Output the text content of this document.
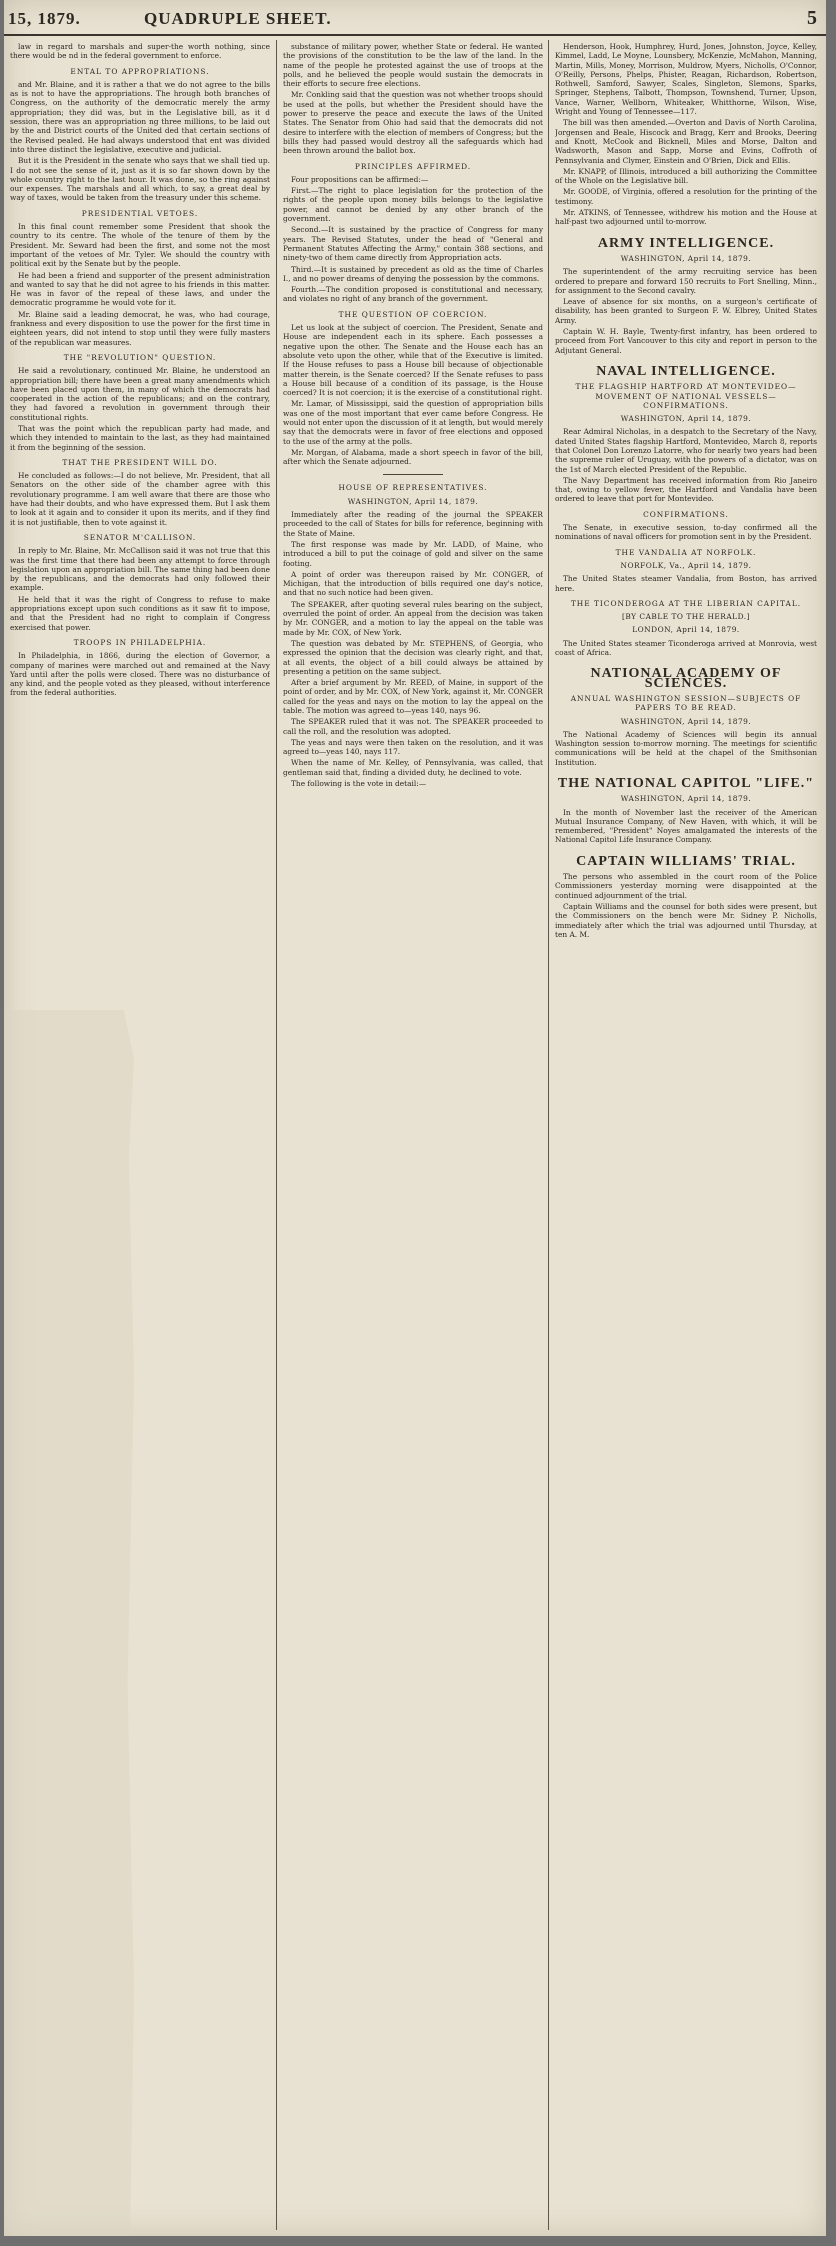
15, 1879.	QUADRUPLE SHEET.	5

law in regard to marshals and super-the worth nothing, since there would be nd in the federal government to enforce.

ENTAL TO APPROPRIATIONS.

and Mr. Blaine, and it is rather a that we do not agree to the bills as is not to have the appropriations. The hrough both branches of Congress, on the authority of the democratic merely the army appropriation; they did was, but in the Legislative bill, as it d session, there was an appropriation ng three millions, to be laid out by the and District courts of the United ded that certain sections of the Revised pealed. He had always understood that ent was divided into three distinct the legislative, executive and judicial.

But it is the President in the senate who says that we shall tied up. I do not see the sense of it, just as it is so far shown down by the whole country right to the last hour. It was done, so the ring against our expenses. The marshals and all which, to say, a great deal by way of taxes, would be taken from the treasury under this scheme.

PRESIDENTIAL VETOES.

In this final count remember some President that shook the country to its centre. The whole of the tenure of them by the President. Mr. Seward had been the first, and some not the most important of the vetoes of Mr. Tyler. We should the country with political exit by the Senate but by the people.

He had been a friend and supporter of the present administration and wanted to say that he did not agree to his friends in this matter. He was in favor of the repeal of these laws, and under the democratic programme he would vote for it.

Mr. Blaine said a leading democrat, he was, who had courage, frankness and every disposition to use the power for the first time in eighteen years, did not intend to stop until they were fully masters of the republican war measures.

THE "REVOLUTION" QUESTION.

He said a revolutionary, continued Mr. Blaine, he understood an appropriation bill; there have been a great many amendments which have been placed upon them, in many of which the democrats had cooperated in the action of the republicans; and on the contrary, they had favored a revolution in government through their constitutional rights.

That was the point which the republican party had made, and which they intended to maintain to the last, as they had maintained it from the beginning of the session.

THAT THE PRESIDENT WILL DO.

He concluded as follows:—I do not believe, Mr. President, that all Senators on the other side of the chamber agree with this revolutionary programme. I am well aware that there are those who have had their doubts, and who have expressed them. But I ask them to look at it again and to consider it upon its merits, and if they find it is not justifiable, then to vote against it.

SENATOR M'CALLISON.

In reply to Mr. Blaine, Mr. McCallison said it was not true that this was the first time that there had been any attempt to force through legislation upon an appropriation bill. The same thing had been done by the republicans, and the democrats had only followed their example.

He held that it was the right of Congress to refuse to make appropriations except upon such conditions as it saw fit to impose, and that the President had no right to complain if Congress exercised that power.

TROOPS IN PHILADELPHIA.

In Philadelphia, in 1866, during the election of Governor, a company of marines were marched out and remained at the Navy Yard until after the polls were closed. There was no disturbance of any kind, and the people voted as they pleased, without interference from the federal authorities.

substance of military power, whether State or federal. He wanted the provisions of the constitution to be the law of the land. In the name of the people he protested against the use of troops at the polls, and he believed the people would sustain the democrats in their efforts to secure free elections.

Mr. Conkling said that the question was not whether troops should be used at the polls, but whether the President should have the power to preserve the peace and execute the laws of the United States. The Senator from Ohio had said that the democrats did not desire to interfere with the election of members of Congress; but the bills they had passed would destroy all the safeguards which had been thrown around the ballot box.

PRINCIPLES AFFIRMED.

Four propositions can be affirmed:—

First.—The right to place legislation for the protection of the rights of the people upon money bills belongs to the legislative power, and cannot be denied by any other branch of the government.

Second.—It is sustained by the practice of Congress for many years. The Revised Statutes, under the head of "General and Permanent Statutes Affecting the Army," contain 388 sections, and ninety-two of them came directly from Appropriation acts.

Third.—It is sustained by precedent as old as the time of Charles I., and no power dreams of denying the possession by the commons.

Fourth.—The condition proposed is constitutional and necessary, and violates no right of any branch of the government.

THE QUESTION OF COERCION.

Let us look at the subject of coercion. The President, Senate and House are independent each in its sphere. Each possesses a negative upon the other. The Senate and the House each has an absolute veto upon the other, while that of the Executive is limited. If the House refuses to pass a House bill because of objectionable matter therein, is the Senate coerced? If the Senate refuses to pass a House bill because of a condition of its passage, is the House coerced? It is not coercion; it is the exercise of a constitutional right.

Mr. Lamar, of Mississippi, said the question of appropriation bills was one of the most important that ever came before Congress. He would not enter upon the discussion of it at length, but would merely say that the democrats were in favor of free elections and opposed to the use of the army at the polls.

Mr. Morgan, of Alabama, made a short speech in favor of the bill, after which the Senate adjourned.

HOUSE OF REPRESENTATIVES.
WASHINGTON, April 14, 1879.

Immediately after the reading of the journal the SPEAKER proceeded to the call of States for bills for reference, beginning with the State of Maine.

The first response was made by Mr. LADD, of Maine, who introduced a bill to put the coinage of gold and silver on the same footing.

A point of order was thereupon raised by Mr. CONGER, of Michigan, that the introduction of bills required one day's notice, and that no such notice had been given.

The SPEAKER, after quoting several rules bearing on the subject, overruled the point of order. An appeal from the decision was taken by Mr. CONGER, and a motion to lay the appeal on the table was made by Mr. COX, of New York.

The question was debated by Mr. STEPHENS, of Georgia, who expressed the opinion that the decision was clearly right, and that, at all events, the object of a bill could always be attained by presenting a petition on the same subject.

After a brief argument by Mr. REED, of Maine, in support of the point of order, and by Mr. COX, of New York, against it, Mr. CONGER called for the yeas and nays on the motion to lay the appeal on the table. The motion was agreed to—yeas 140, nays 96.

The SPEAKER ruled that it was not. The SPEAKER proceeded to call the roll, and the resolution was adopted.

The yeas and nays were then taken on the resolution, and it was agreed to—yeas 140, nays 117.

When the name of Mr. Kelley, of Pennsylvania, was called, that gentleman said that, finding a divided duty, he declined to vote.

The following is the vote in detail:—

Henderson, Hook, Humphrey, Hurd, Jones, Johnston, Joyce, Kelley, Kimmel, Ladd, Le Moyne, Lounsbery, McKenzie, McMahon, Manning, Martin, Mills, Money, Morrison, Muldrow, Myers, Nicholls, O'Connor, O'Reilly, Persons, Phelps, Phister, Reagan, Richardson, Robertson, Rothwell, Samford, Sawyer, Scales, Singleton, Slemons, Sparks, Springer, Stephens, Talbott, Thompson, Townshend, Turner, Upson, Vance, Warner, Wellborn, Whiteaker, Whitthorne, Wilson, Wise, Wright and Young of Tennessee—117.

The bill was then amended.—Overton and Davis of North Carolina, Jorgensen and Beale, Hiscock and Bragg, Kerr and Brooks, Deering and Knott, McCook and Bicknell, Miles and Morse, Dalton and Wadsworth, Mason and Sapp, Morse and Evins, Coffroth of Pennsylvania and Clymer, Einstein and O'Brien, Dick and Ellis.

Mr. KNAPP, of Illinois, introduced a bill authorizing the Committee of the Whole on the Legislative bill.

Mr. GOODE, of Virginia, offered a resolution for the printing of the testimony.

Mr. ATKINS, of Tennessee, withdrew his motion and the House at half-past two adjourned until to-morrow.

ARMY INTELLIGENCE.
WASHINGTON, April 14, 1879.

The superintendent of the army recruiting service has been ordered to prepare and forward 150 recruits to Fort Snelling, Minn., for assignment to the Second cavalry.

Leave of absence for six months, on a surgeon's certificate of disability, has been granted to Surgeon F. W. Elbrey, United States Army.

Captain W. H. Bayle, Twenty-first infantry, has been ordered to proceed from Fort Vancouver to this city and report in person to the Adjutant General.

NAVAL INTELLIGENCE.
THE FLAGSHIP HARTFORD AT MONTEVIDEO—MOVEMENT OF NATIONAL VESSELS—CONFIRMATIONS.
WASHINGTON, April 14, 1879.

Rear Admiral Nicholas, in a despatch to the Secretary of the Navy, dated United States flagship Hartford, Montevideo, March 8, reports that Colonel Don Lorenzo Latorre, who for nearly two years had been the supreme ruler of Uruguay, with the powers of a dictator, was on the 1st of March elected President of the Republic.

The Navy Department has received information from Rio Janeiro that, owing to yellow fever, the Hartford and Vandalia have been ordered to leave that port for Montevideo.

CONFIRMATIONS.

The Senate, in executive session, to-day confirmed all the nominations of naval officers for promotion sent in by the President.

THE VANDALIA AT NORFOLK.
NORFOLK, Va., April 14, 1879.

The United States steamer Vandalia, from Boston, has arrived here.

THE TICONDEROGA AT THE LIBERIAN CAPITAL.
[BY CABLE TO THE HERALD.]
LONDON, April 14, 1879.

The United States steamer Ticonderoga arrived at Monrovia, west coast of Africa.

NATIONAL ACADEMY OF SCIENCES.
ANNUAL WASHINGTON SESSION—SUBJECTS OF PAPERS TO BE READ.
WASHINGTON, April 14, 1879.

The National Academy of Sciences will begin its annual Washington session to-morrow morning. The meetings for scientific communications will be held at the chapel of the Smithsonian Institution.

THE NATIONAL CAPITOL "LIFE."
WASHINGTON, April 14, 1879.

In the month of November last the receiver of the American Mutual Insurance Company, of New Haven, with which, it will be remembered, "President" Noyes amalgamated the interests of the National Capitol Life Insurance Company.

CAPTAIN WILLIAMS' TRIAL.

The persons who assembled in the court room of the Police Commissioners yesterday morning were disappointed at the continued adjournment of the trial.

Captain Williams and the counsel for both sides were present, but the Commissioners on the bench were Mr. Sidney P. Nicholls, immediately after which the trial was adjourned until Thursday, at ten A. M.
